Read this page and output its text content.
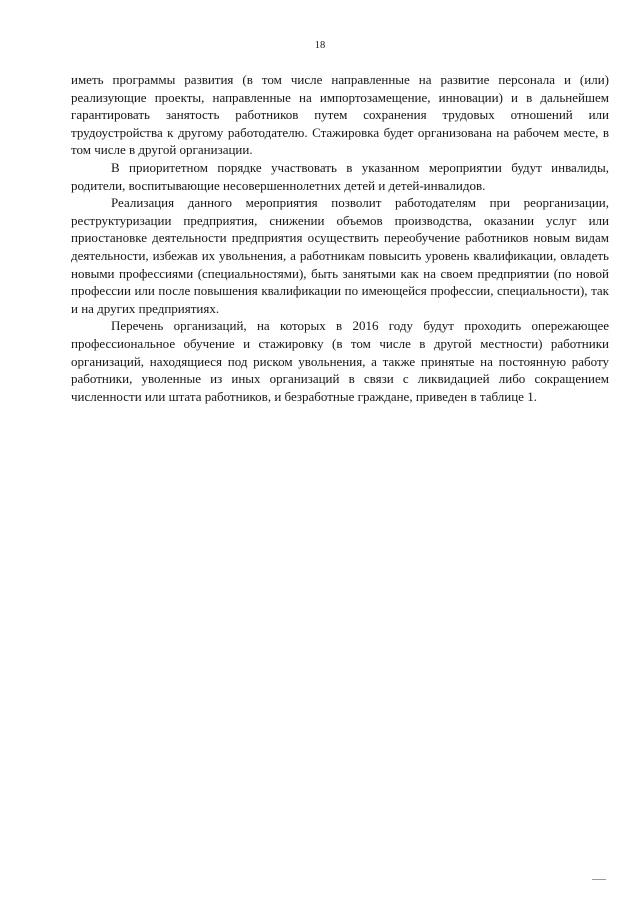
18

иметь программы развития (в том числе направленные на развитие персонала и (или) реализующие проекты, направленные на импортозамещение, инновации) и в дальнейшем гарантировать занятость работников путем сохранения трудовых отношений или трудоустройства к другому работодателю. Стажировка будет организована на рабочем месте, в том числе в другой организации.

В приоритетном порядке участвовать в указанном мероприятии будут инвалиды, родители, воспитывающие несовершеннолетних детей и детей-инвалидов.

Реализация данного мероприятия позволит работодателям при реорганизации, реструктуризации предприятия, снижении объемов производства, оказании услуг или приостановке деятельности предприятия осуществить переобучение работников новым видам деятельности, избежав их увольнения, а работникам повысить уровень квалификации, овладеть новыми профессиями (специальностями), быть занятыми как на своем предприятии (по новой профессии или после повышения квалификации по имеющейся профессии, специальности), так и на других предприятиях.

Перечень организаций, на которых в 2016 году будут проходить опережающее профессиональное обучение и стажировку (в том числе в другой местности) работники организаций, находящиеся под риском увольнения, а также принятые на постоянную работу работники, уволенные из иных организаций в связи с ликвидацией либо сокращением численности или штата работников, и безработные граждане, приведен в таблице 1.
